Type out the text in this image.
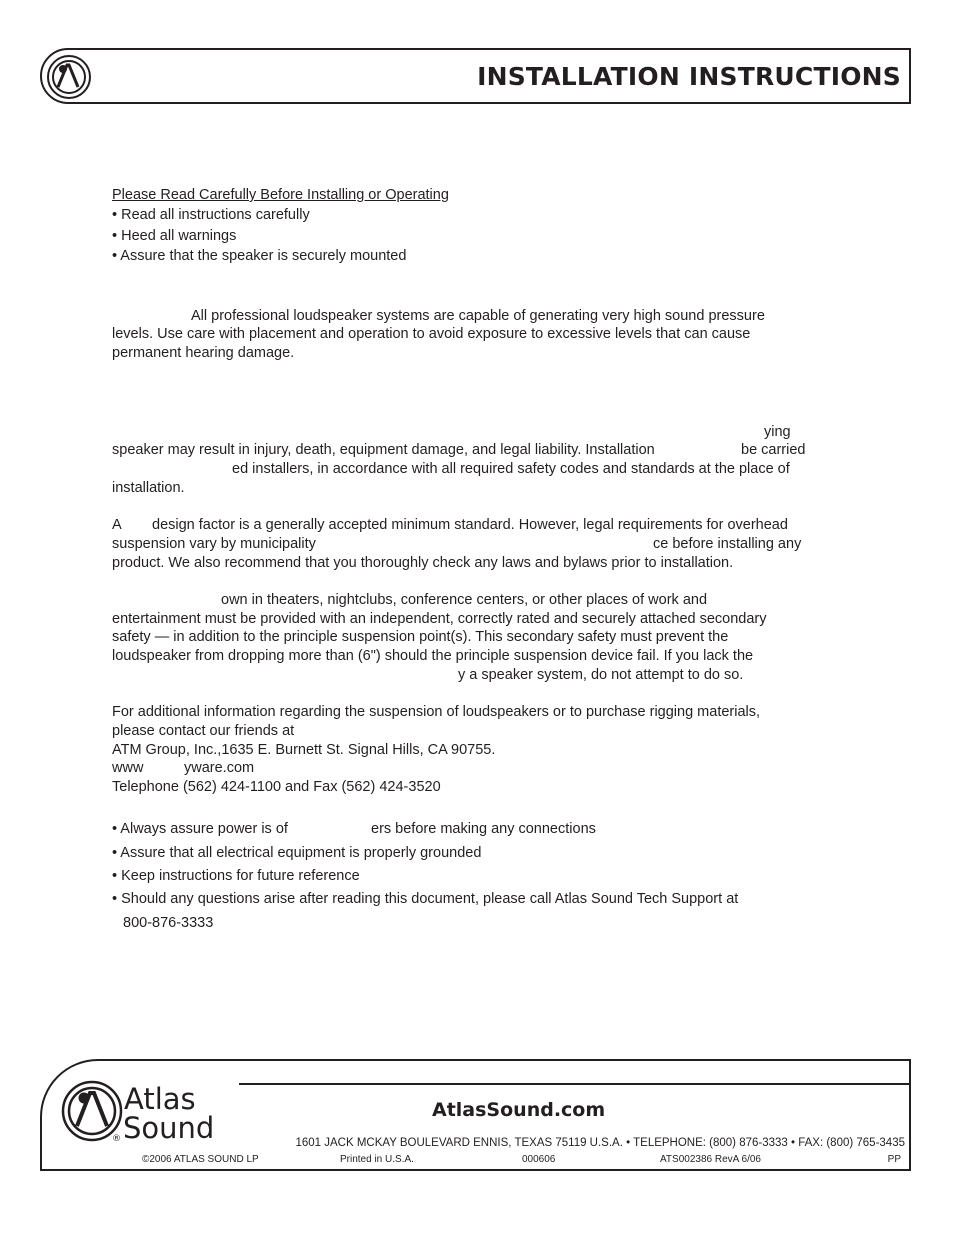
INSTALLATION INSTRUCTIONS
Please Read Carefully Before Installing or Operating
• Read all instructions carefully
• Heed all warnings
• Assure that the speaker is securely mounted
All professional loudspeaker systems are capable of generating very high sound pressure
levels. Use care with placement and operation to avoid exposure to excessive levels that can cause
permanent hearing damage.
ying
speaker may result in injury, death, equipment damage, and legal liability. Installation	be carried
ed installers, in accordance with all required safety codes and standards at the place of
installation.
A design factor is a generally accepted minimum standard. However, legal requirements for overhead
suspension vary by municipality	ce before installing any
product. We also recommend that you thoroughly check any laws and bylaws prior to installation.
own in theaters, nightclubs, conference centers, or other places of work and
entertainment must be provided with an independent, correctly rated and securely attached secondary
safety — in addition to the principle suspension point(s). This secondary safety must prevent the
loudspeaker from dropping more than (6") should the principle suspension device fail. If you lack the
y a speaker system, do not attempt to do so.
For additional information regarding the suspension of loudspeakers or to purchase rigging materials,
please contact our friends at
ATM Group, Inc.,1635 E. Burnett St. Signal Hills, CA 90755.
www	yware.com
Telephone (562) 424-1100 and Fax (562) 424-3520
• Always assure power is of	ers before making any connections
• Assure that all electrical equipment is properly grounded
• Keep instructions for future reference
• Should any questions arise after reading this document, please call Atlas Sound Tech Support at
800-876-3333
Atlas
Sound
®
AtlasSound.com
1601 JACK MCKAY BOULEVARD ENNIS, TEXAS 75119 U.S.A. • TELEPHONE: (800) 876-3333 • FAX: (800) 765-3435
©2006 ATLAS SOUND LP	Printed in U.S.A.	000606	ATS002386 RevA 6/06	PP
